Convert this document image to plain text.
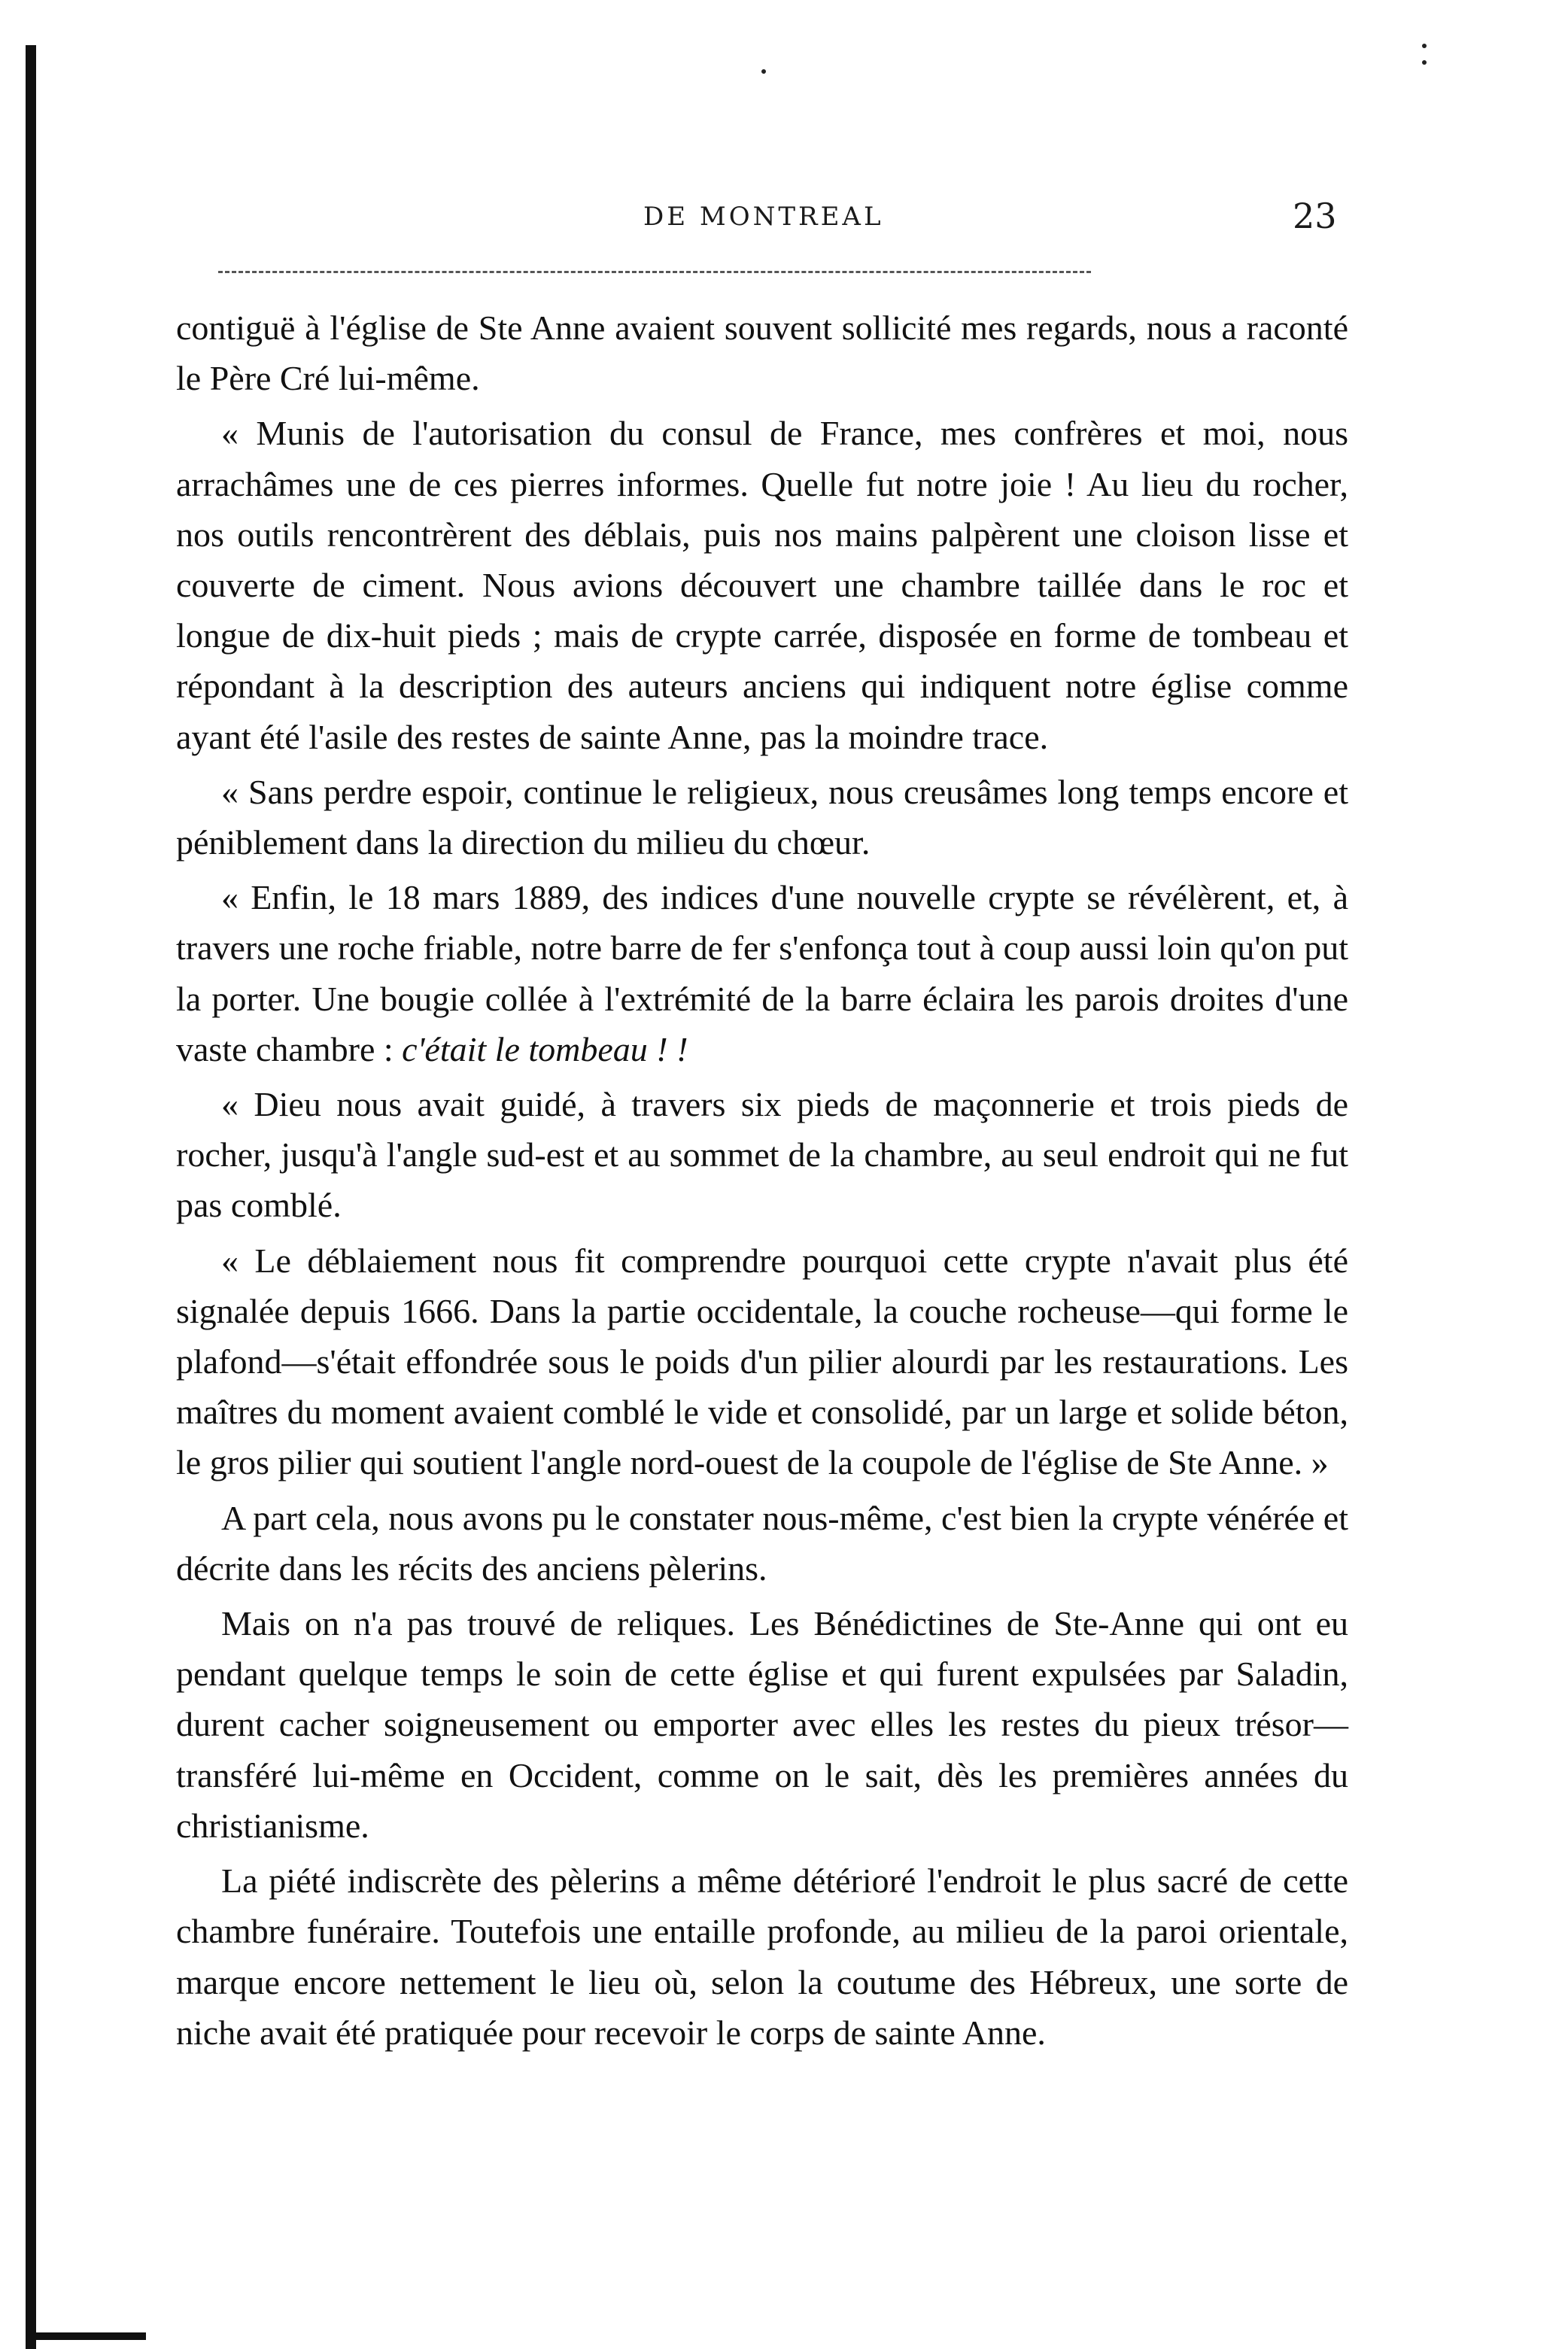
DE MONTREAL	23

contiguë à l'église de Ste Anne avaient souvent sollicité mes regards, nous a raconté le Père Cré lui-même.

« Munis de l'autorisation du consul de France, mes confrères et moi, nous arrachâmes une de ces pierres informes. Quelle fut notre joie ! Au lieu du rocher, nos outils rencontrèrent des déblais, puis nos mains palpèrent une cloison lisse et couverte de ciment. Nous avions découvert une chambre taillée dans le roc et longue de dix-huit pieds ; mais de crypte carrée, disposée en forme de tombeau et répondant à la description des auteurs anciens qui indiquent notre église comme ayant été l'asile des restes de sainte Anne, pas la moindre trace.

« Sans perdre espoir, continue le religieux, nous creusâmes long temps encore et péniblement dans la direction du milieu du chœur.

« Enfin, le 18 mars 1889, des indices d'une nouvelle crypte se révélèrent, et, à travers une roche friable, notre barre de fer s'enfonça tout à coup aussi loin qu'on put la porter. Une bougie collée à l'extrémité de la barre éclaira les parois droites d'une vaste chambre : c'était le tombeau ! !

« Dieu nous avait guidé, à travers six pieds de maçonnerie et trois pieds de rocher, jusqu'à l'angle sud-est et au sommet de la chambre, au seul endroit qui ne fut pas comblé.

« Le déblaiement nous fit comprendre pourquoi cette crypte n'avait plus été signalée depuis 1666. Dans la partie occidentale, la couche rocheuse—qui forme le plafond—s'était effondrée sous le poids d'un pilier alourdi par les restaurations. Les maîtres du moment avaient comblé le vide et consolidé, par un large et solide béton, le gros pilier qui soutient l'angle nord-ouest de la coupole de l'église de Ste Anne. »

A part cela, nous avons pu le constater nous-même, c'est bien la crypte vénérée et décrite dans les récits des anciens pèlerins.

Mais on n'a pas trouvé de reliques. Les Bénédictines de Ste-Anne qui ont eu pendant quelque temps le soin de cette église et qui furent expulsées par Saladin, durent cacher soigneusement ou emporter avec elles les restes du pieux trésor—transféré lui-même en Occident, comme on le sait, dès les premières années du christianisme.

La piété indiscrète des pèlerins a même détérioré l'endroit le plus sacré de cette chambre funéraire. Toutefois une entaille profonde, au milieu de la paroi orientale, marque encore nettement le lieu où, selon la coutume des Hébreux, une sorte de niche avait été pratiquée pour recevoir le corps de sainte Anne.
